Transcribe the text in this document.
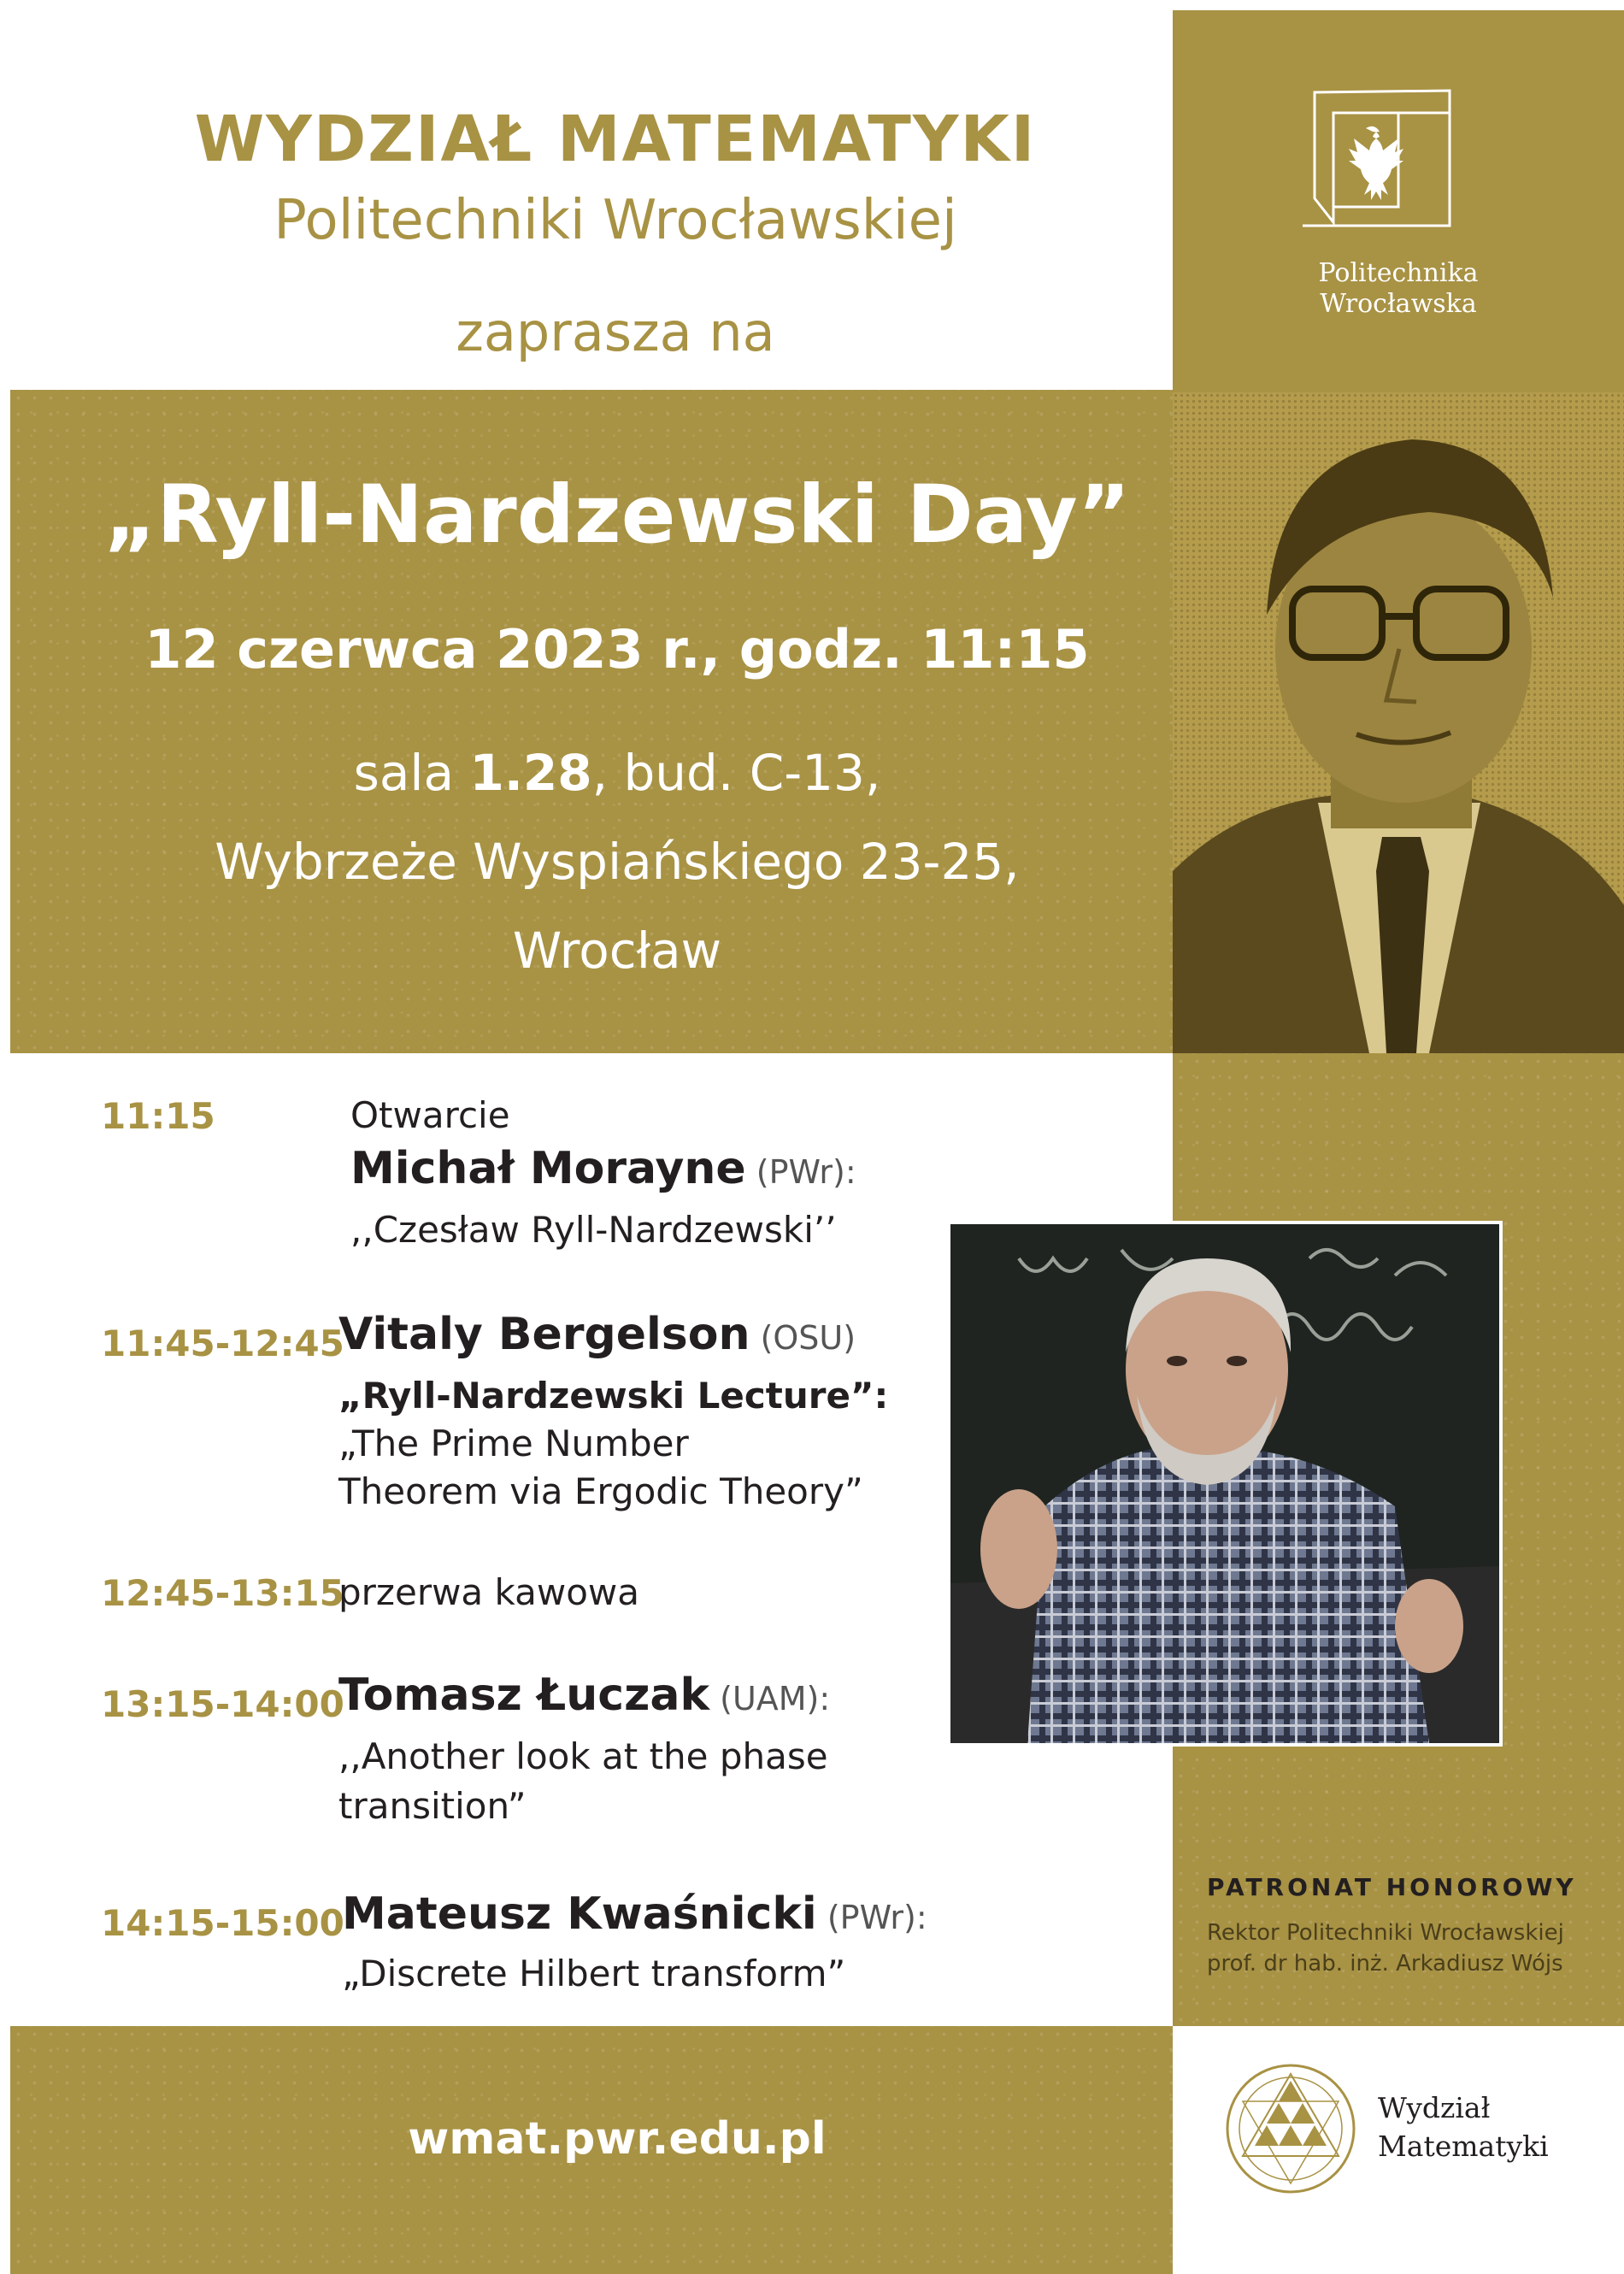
WYDZIAŁ MATEMATYKI
Politechniki Wrocławskiej
zaprasza na
Politechnika
Wrocławska
„Ryll-Nardzewski Day”
12 czerwca 2023 r., godz. 11:15
sala 1.28, bud. C-13,
Wybrzeże Wyspiańskiego 23-25,
Wrocław
wmat.pwr.edu.pl
11:15	Otwarcie
Michał Morayne (PWr):
,,Czesław Ryll-Nardzewski’’
11:45-12:45
Vitaly Bergelson (OSU)
„Ryll-Nardzewski Lecture”:
„The Prime Number
Theorem via Ergodic Theory”
12:45-13:15
przerwa kawowa
13:15-14:00
Tomasz Łuczak (UAM):
,,Another look at the phase
transition”
14:15-15:00
Mateusz Kwaśnicki (PWr):
„Discrete Hilbert transform”
PATRONAT HONOROWY
Rektor Politechniki Wrocławskiej
prof. dr hab. inż. Arkadiusz Wójs
Wydział
Matematyki
